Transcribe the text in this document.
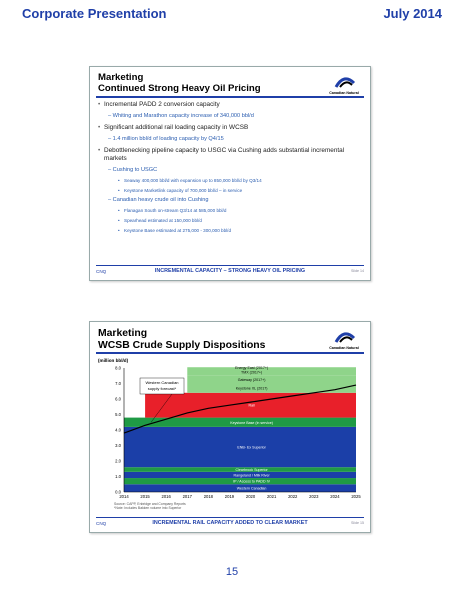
Corporate Presentation	July 2014
Marketing
Continued Strong Heavy Oil Pricing	Canadian Natural
• Incremental PADD 2 conversion capacity
– Whiting and Marathon capacity increase of 340,000 bbl/d
• Significant additional rail loading capacity in WCSB
– 1.4 million bbl/d of loading capacity by Q4/15
• Debottlenecking pipeline capacity to USGC via Cushing adds substantial incremental markets
– Cushing to USGC
• Seaway 400,000 bbl/d with expansion up to 850,000 bbl/d by Q3/14
• Keystone Marketlink capacity of 700,000 bbl/d – in service
– Canadian heavy crude oil into Cushing
• Flanagan South on-stream Q3/14 at 585,000 bbl/d
• Spearhead estimated at 150,000 bbl/d
• Keystone Base estimated at 275,000 - 300,000 bbl/d
CNQ	INCREMENTAL CAPACITY – STRONG HEAVY OIL PRICING	Slide 14
Marketing
WCSB Crude Supply Dispositions	Canadian Natural
(million bbl/d)
Western Canadian
IP / Access to PADD IV
Rangeland / Milk River
Clearbrook Superior
ENB- Ex Superior
Keystone Base (in service)
Rail
Keystone XL (2017)
Gateway (2017+)
TMX (2017+)
Energy East (2017+)
0.0
1.0
2.0
3.0
4.0
5.0
6.0
7.0
8.0
2014	2015	2016	2017	2018	2019	2020	2021	2022	2023	2024	2025
Western Canadian
supply forecast*
Source: CAPP, Enbridge and Company Reports
*Note: Includes Bakken volume into Superior
CNQ	INCREMENTAL RAIL CAPACITY ADDED TO CLEAR MARKET	Slide 15
15
